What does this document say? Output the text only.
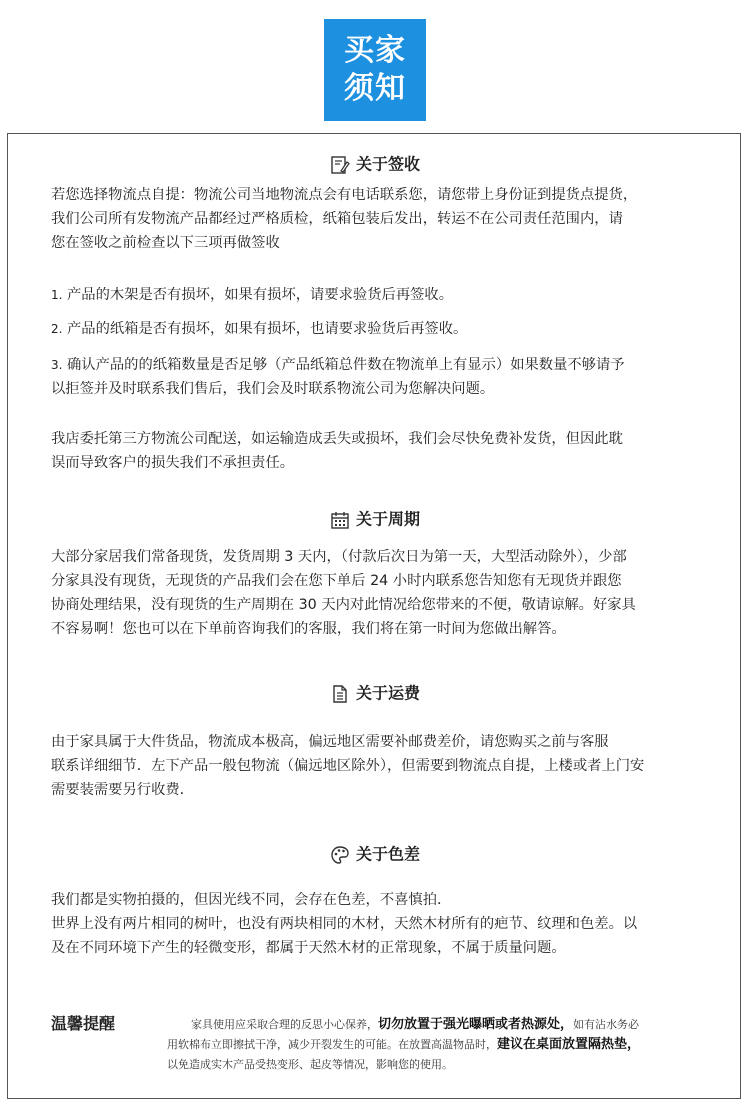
买家
须知
关于签收
若您选择物流点自提：物流公司当地物流点会有电话联系您，请您带上身份证到提货点提货，
我们公司所有发物流产品都经过严格质检，纸箱包装后发出，转运不在公司责任范围内，请
您在签收之前检查以下三项再做签收
1. 产品的木架是否有损坏，如果有损坏，请要求验货后再签收。
2. 产品的纸箱是否有损坏，如果有损坏，也请要求验货后再签收。
3. 确认产品的的纸箱数量是否足够（产品纸箱总件数在物流单上有显示）如果数量不够请予
以拒签并及时联系我们售后，我们会及时联系物流公司为您解决问题。
我店委托第三方物流公司配送，如运输造成丢失或损坏，我们会尽快免费补发货，但因此耽
误而导致客户的损失我们不承担责任。
关于周期
大部分家居我们常备现货，发货周期 3 天内，（付款后次日为第一天，大型活动除外），少部
分家具没有现货，无现货的产品我们会在您下单后 24 小时内联系您告知您有无现货并跟您
协商处理结果，没有现货的生产周期在 30 天内对此情况给您带来的不便，敬请谅解。好家具
不容易啊！您也可以在下单前咨询我们的客服，我们将在第一时间为您做出解答。
关于运费
由于家具属于大件货品，物流成本极高，偏远地区需要补邮费差价，请您购买之前与客服
联系详细细节．左下产品一般包物流（偏远地区除外），但需要到物流点自提，上楼或者上门安
需要装需要另行收费．
关于色差
我们都是实物拍摄的，但因光线不同，会存在色差，不喜慎拍．
世界上没有两片相同的树叶，也没有两块相同的木材，天然木材所有的疤节、纹理和色差。以
及在不同环境下产生的轻微变形，都属于天然木材的正常现象，不属于质量问题。
温馨提醒	家具使用应采取合理的反思小心保养，切勿放置于强光曝晒或者热源处，如有沾水务必
用软棉布立即擦拭干净，减少开裂发生的可能。在放置高温物品时，建议在桌面放置隔热垫，
以免造成实木产品受热变形、起皮等情况，影响您的使用。
